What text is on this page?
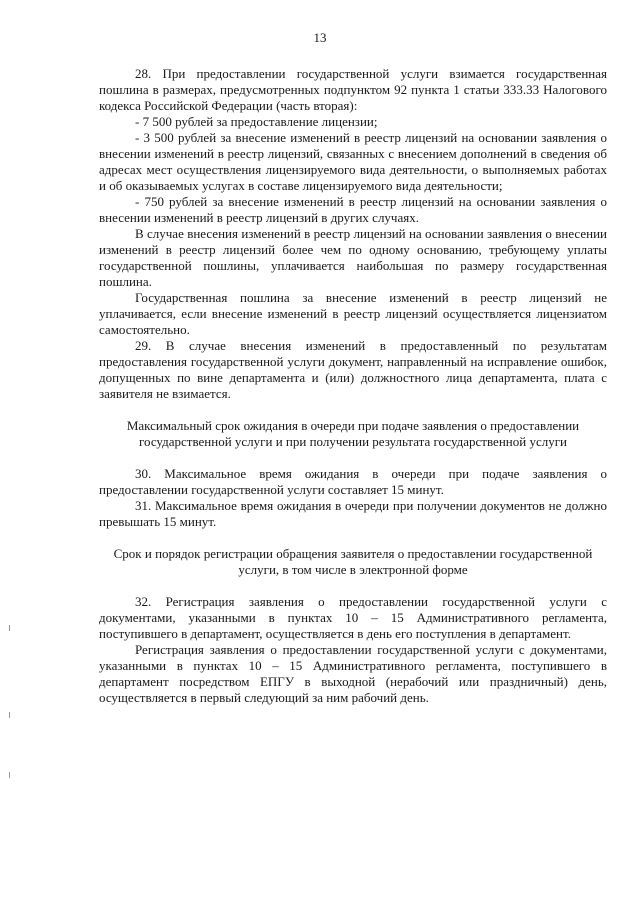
13

28. При предоставлении государственной услуги взимается государственная пошлина в размерах, предусмотренных подпунктом 92 пункта 1 статьи 333.33 Налогового кодекса Российской Федерации (часть вторая):

- 7 500 рублей за предоставление лицензии;

- 3 500 рублей за внесение изменений в реестр лицензий на основании заявления о внесении изменений в реестр лицензий, связанных с внесением дополнений в сведения об адресах мест осуществления лицензируемого вида деятельности, о выполняемых работах и об оказываемых услугах в составе лицензируемого вида деятельности;

- 750 рублей за внесение изменений в реестр лицензий на основании заявления о внесении изменений в реестр лицензий в других случаях.

В случае внесения изменений в реестр лицензий на основании заявления о внесении изменений в реестр лицензий более чем по одному основанию, требующему уплаты государственной пошлины, уплачивается наибольшая по размеру государственная пошлина.

Государственная пошлина за внесение изменений в реестр лицензий не уплачивается, если внесение изменений в реестр лицензий осуществляется лицензиатом самостоятельно.

29. В случае внесения изменений в предоставленный по результатам предоставления государственной услуги документ, направленный на исправление ошибок, допущенных по вине департамента и (или) должностного лица департамента, плата с заявителя не взимается.

Максимальный срок ожидания в очереди при подаче заявления о предоставлении государственной услуги и при получении результата государственной услуги

30. Максимальное время ожидания в очереди при подаче заявления о предоставлении государственной услуги составляет 15 минут.

31. Максимальное время ожидания в очереди при получении документов не должно превышать 15 минут.

Срок и порядок регистрации обращения заявителя о предоставлении государственной услуги, в том числе в электронной форме

32. Регистрация заявления о предоставлении государственной услуги с документами, указанными в пунктах 10 – 15 Административного регламента, поступившего в департамент, осуществляется в день его поступления в департамент.

Регистрация заявления о предоставлении государственной услуги с документами, указанными в пунктах 10 – 15 Административного регламента, поступившего в департамент посредством ЕПГУ в выходной (нерабочий или праздничный) день, осуществляется в первый следующий за ним рабочий день.
